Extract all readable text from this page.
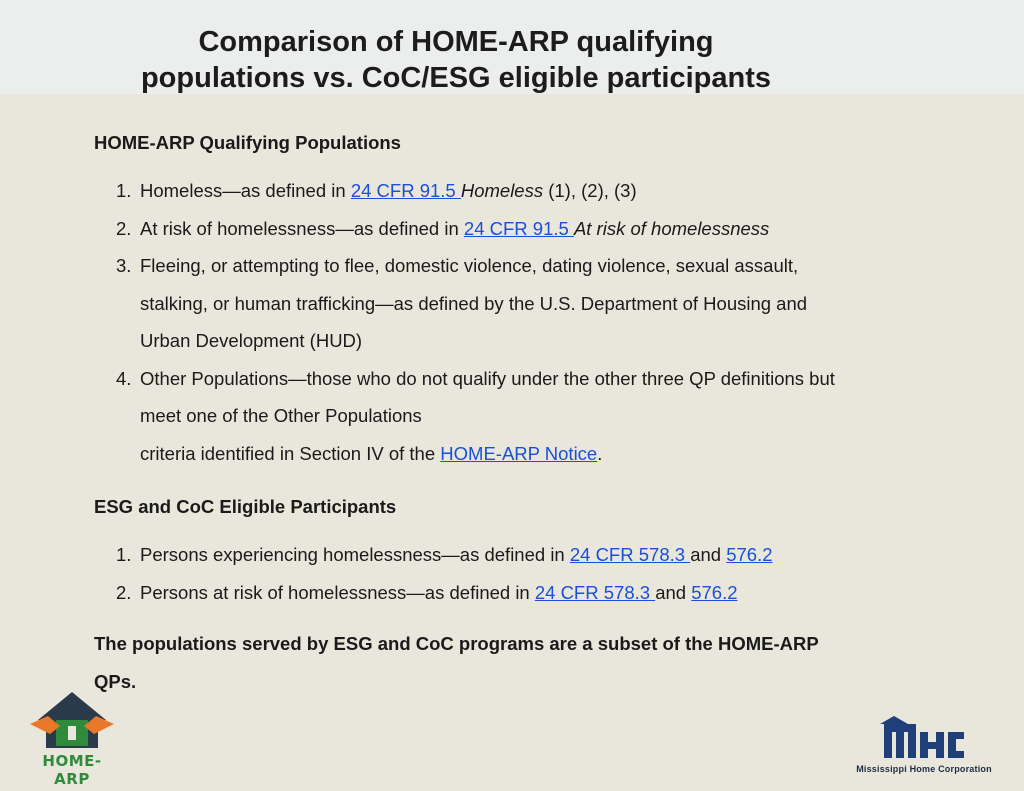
Comparison of HOME-ARP qualifying
populations vs. CoC/ESG eligible participants
HOME-ARP Qualifying Populations
1. Homeless—as defined in 24 CFR 91.5 Homeless (1), (2), (3)
2. At risk of homelessness—as defined in 24 CFR 91.5 At risk of homelessness
3. Fleeing, or attempting to flee, domestic violence, dating violence, sexual assault,
stalking, or human trafficking—as defined by the U.S. Department of Housing and
Urban Development (HUD)
4. Other Populations—those who do not qualify under the other three QP definitions but
meet one of the Other Populations
criteria identified in Section IV of the HOME-ARP Notice.
ESG and CoC Eligible Participants
1. Persons experiencing homelessness—as defined in 24 CFR 578.3 and 576.2
2. Persons at risk of homelessness—as defined in 24 CFR 578.3 and 576.2
The populations served by ESG and CoC programs are a subset of the HOME-ARP
QPs.
HOME-ARP
Mississippi Home Corporation
